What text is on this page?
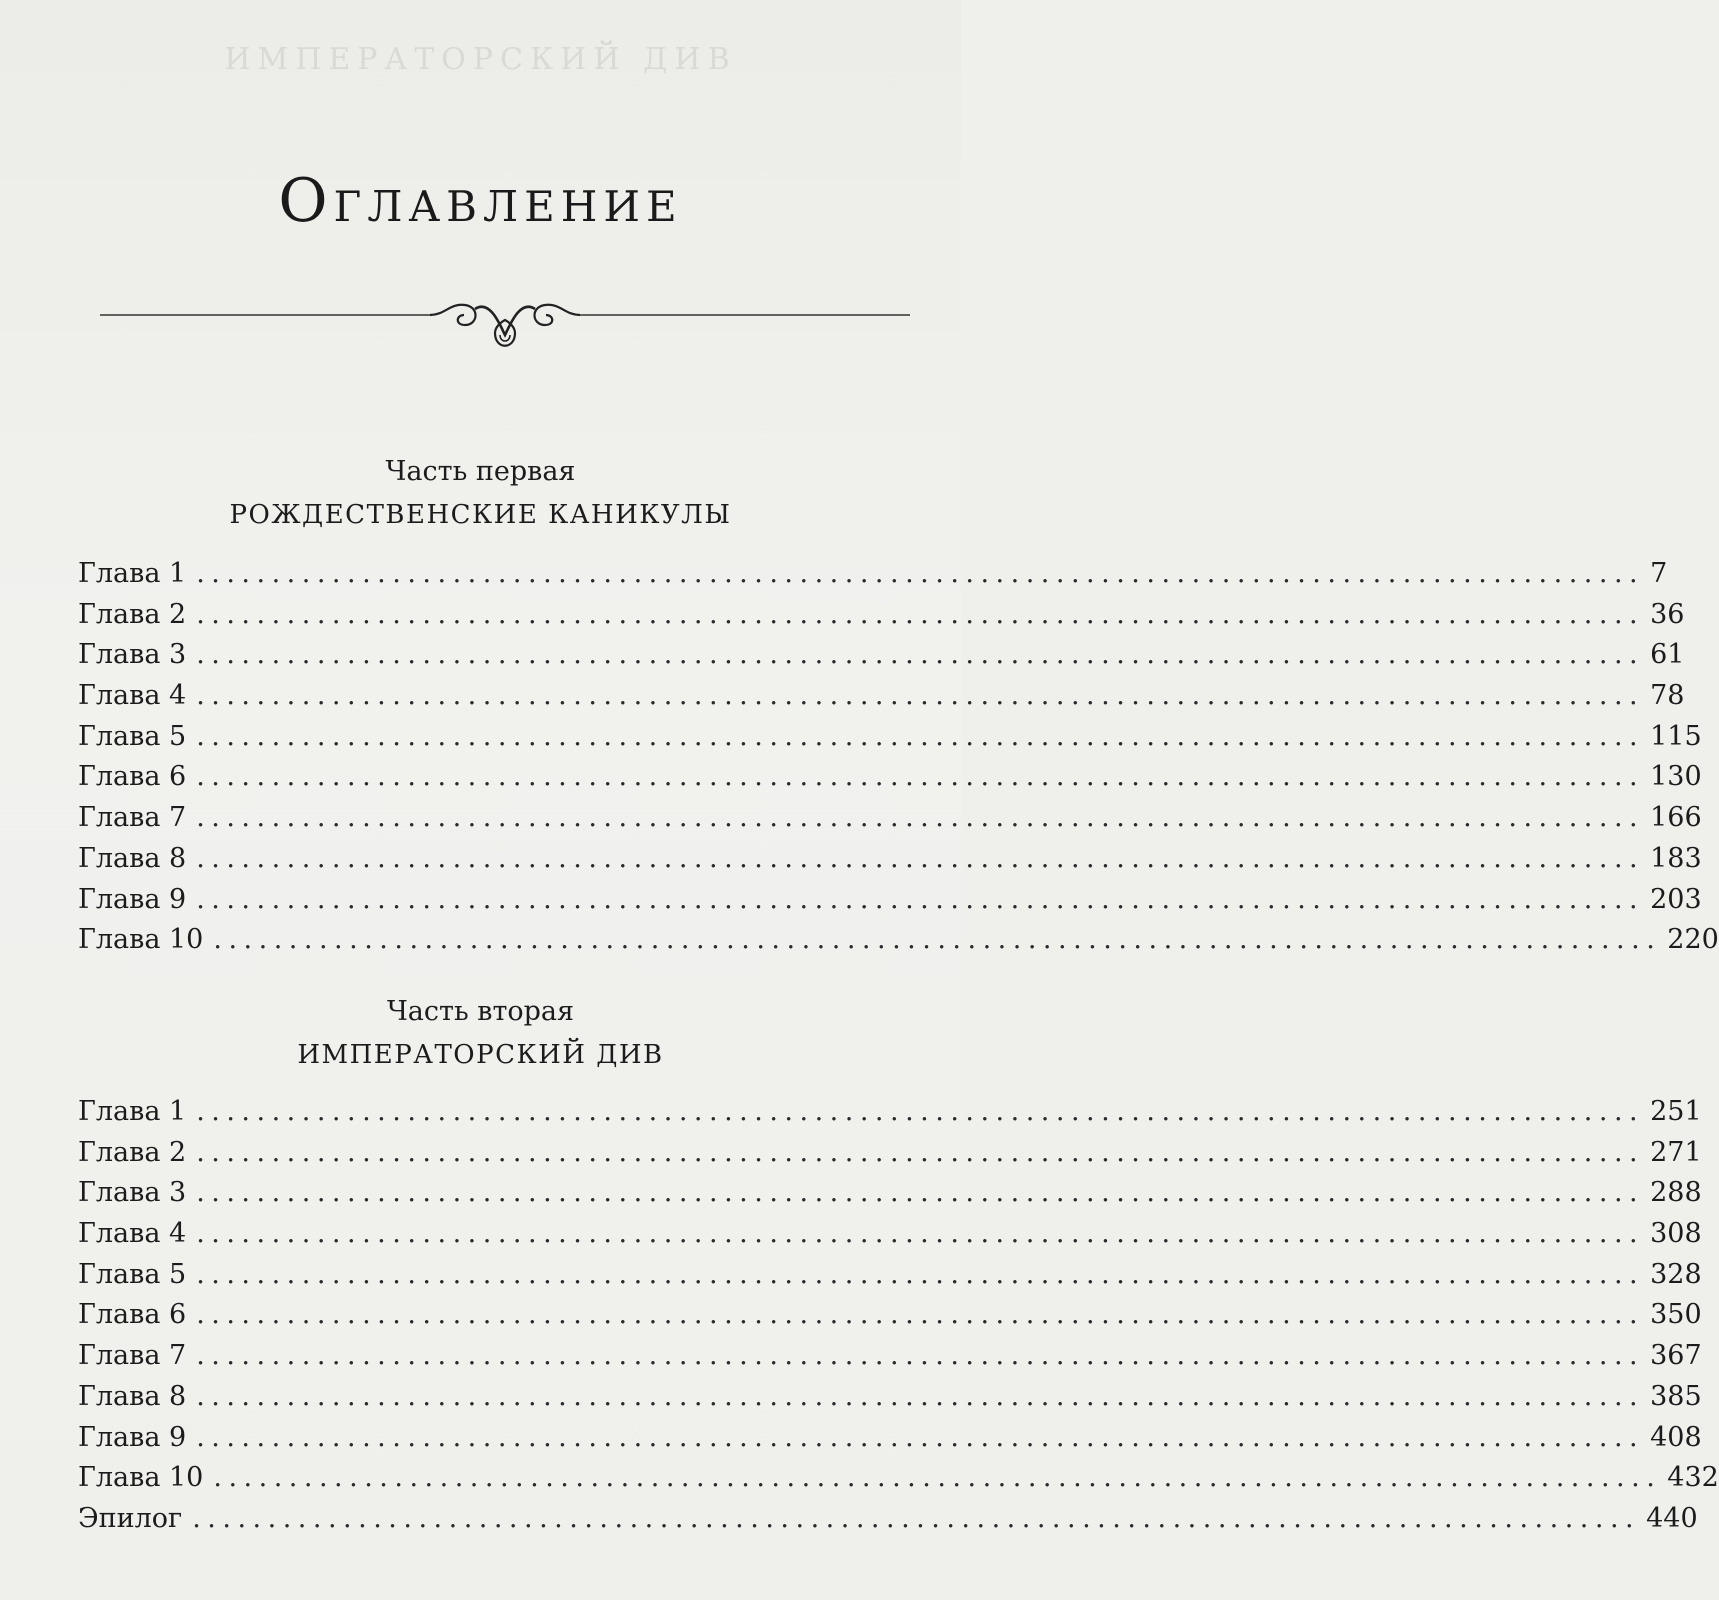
ИМПЕРАТОРСКИЙ ДИВ
Оглавление
Часть первая
РОЖДЕСТВЕНСКИЕ КАНИКУЛЫ
Глава 1 ................................................................................................ 7
Глава 2 ................................................................................................ 36
Глава 3 ................................................................................................ 61
Глава 4 ................................................................................................ 78
Глава 5 ................................................................................................ 115
Глава 6 ................................................................................................ 130
Глава 7 ................................................................................................ 166
Глава 8 ................................................................................................ 183
Глава 9 ................................................................................................ 203
Глава 10 ................................................................................................ 220
Часть вторая
ИМПЕРАТОРСКИЙ ДИВ
Глава 1 ................................................................................................ 251
Глава 2 ................................................................................................ 271
Глава 3 ................................................................................................ 288
Глава 4 ................................................................................................ 308
Глава 5 ................................................................................................ 328
Глава 6 ................................................................................................ 350
Глава 7 ................................................................................................ 367
Глава 8 ................................................................................................ 385
Глава 9 ................................................................................................ 408
Глава 10 ................................................................................................ 432
Эпилог ................................................................................................ 440
